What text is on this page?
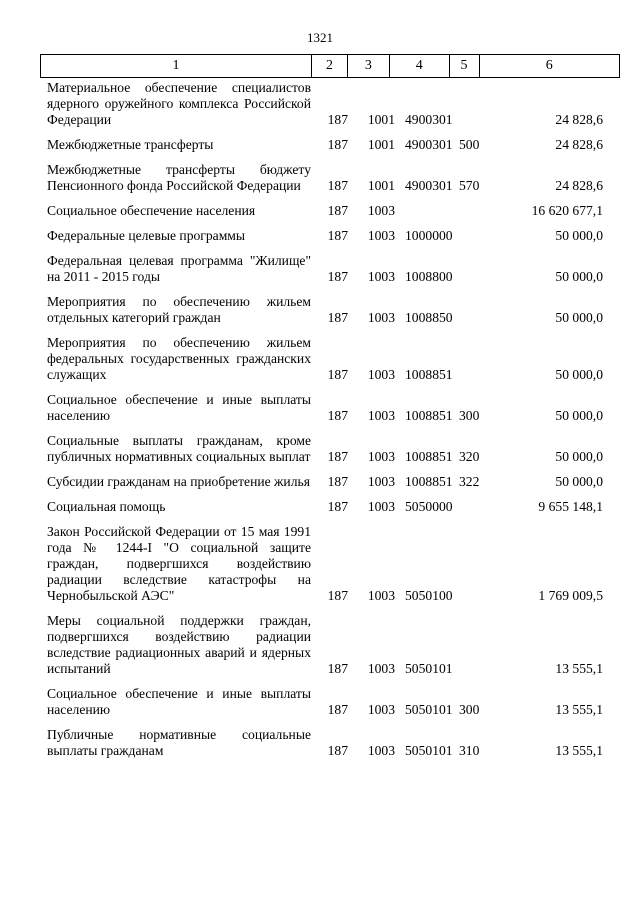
1321
1	2	3	4	5	6
Материальное обеспечение специалистов ядерного оружейного комплекса Российской Федерации	187	1001 4900301	24 828,6
Межбюджетные трансферты	187	1001 4900301 500	24 828,6
Межбюджетные трансферты бюджету Пенсионного фонда Российской Федерации	187	1001 4900301 570	24 828,6
Социальное обеспечение населения	187	1003	16 620 677,1
Федеральные целевые программы	187	1003 1000000	50 000,0
Федеральная целевая программа "Жилище" на 2011 - 2015 годы	187	1003 1008800	50 000,0
Мероприятия по обеспечению жильем отдельных категорий граждан	187	1003 1008850	50 000,0
Мероприятия по обеспечению жильем федеральных государственных гражданских служащих	187	1003 1008851	50 000,0
Социальное обеспечение и иные выплаты населению	187	1003 1008851 300	50 000,0
Социальные выплаты гражданам, кроме публичных нормативных социальных выплат	187	1003 1008851 320	50 000,0
Субсидии гражданам на приобретение жилья	187	1003 1008851 322	50 000,0
Социальная помощь	187	1003 5050000	9 655 148,1
Закон Российской Федерации от 15 мая 1991 года № 1244-I "О социальной защите граждан, подвергшихся воздействию радиации вследствие катастрофы на Чернобыльской АЭС"	187	1003 5050100	1 769 009,5
Меры социальной поддержки граждан, подвергшихся воздействию радиации вследствие радиационных аварий и ядерных испытаний	187	1003 5050101	13 555,1
Социальное обеспечение и иные выплаты населению	187	1003 5050101 300	13 555,1
Публичные нормативные социальные выплаты гражданам	187	1003 5050101 310	13 555,1
